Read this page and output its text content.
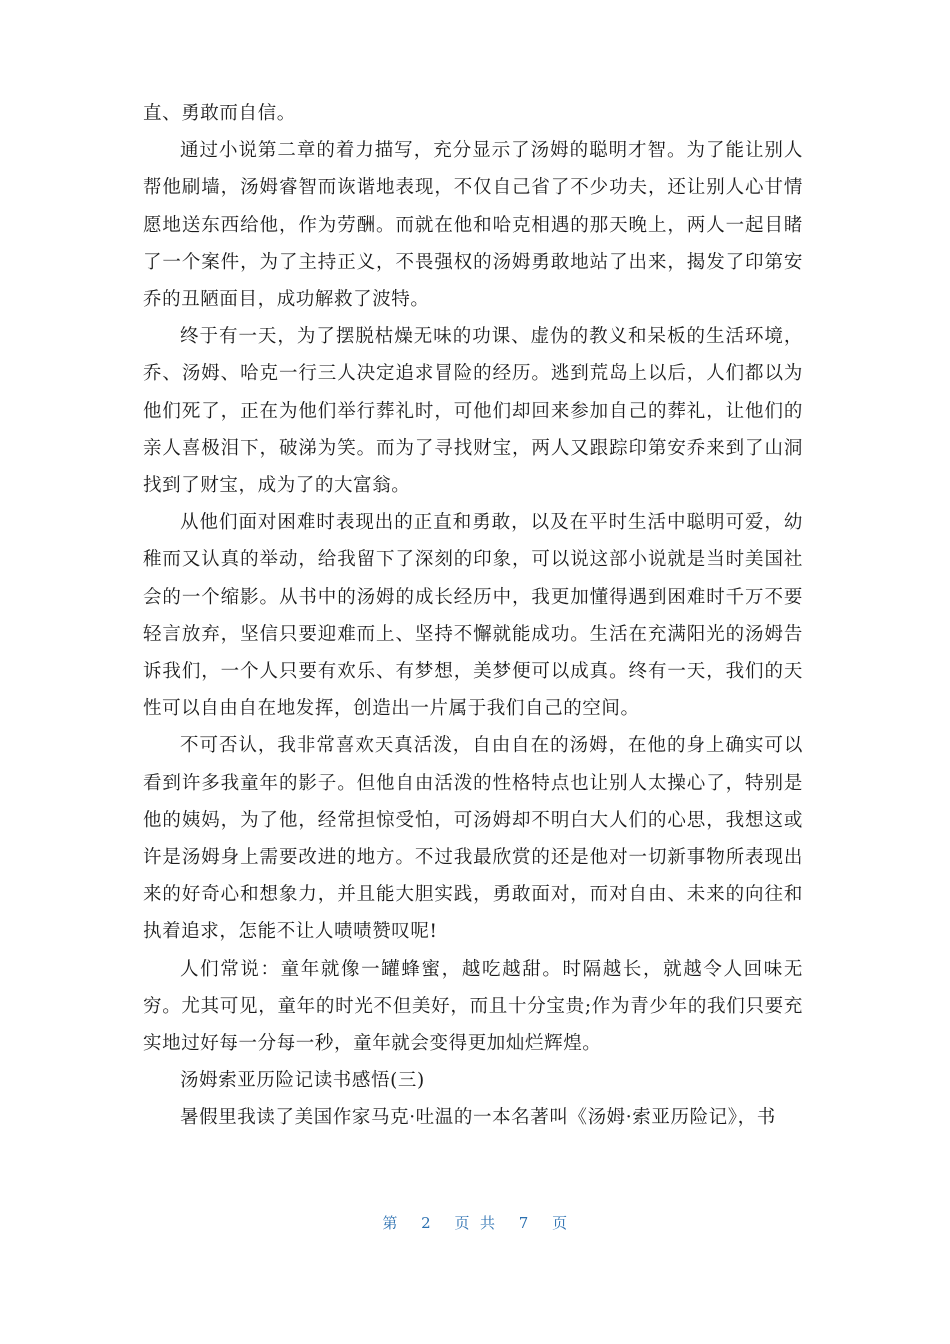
直、勇敢而自信。

通过小说第二章的着力描写，充分显示了汤姆的聪明才智。为了能让别人帮他刷墙，汤姆睿智而诙谐地表现，不仅自己省了不少功夫，还让别人心甘情愿地送东西给他，作为劳酬。而就在他和哈克相遇的那天晚上，两人一起目睹了一个案件，为了主持正义，不畏强权的汤姆勇敢地站了出来，揭发了印第安乔的丑陋面目，成功解救了波特。

终于有一天，为了摆脱枯燥无味的功课、虚伪的教义和呆板的生活环境，乔、汤姆、哈克一行三人决定追求冒险的经历。逃到荒岛上以后，人们都以为他们死了，正在为他们举行葬礼时，可他们却回来参加自己的葬礼，让他们的亲人喜极泪下，破涕为笑。而为了寻找财宝，两人又跟踪印第安乔来到了山洞找到了财宝，成为了的大富翁。

从他们面对困难时表现出的正直和勇敢，以及在平时生活中聪明可爱，幼稚而又认真的举动，给我留下了深刻的印象，可以说这部小说就是当时美国社会的一个缩影。从书中的汤姆的成长经历中，我更加懂得遇到困难时千万不要轻言放弃，坚信只要迎难而上、坚持不懈就能成功。生活在充满阳光的汤姆告诉我们，一个人只要有欢乐、有梦想，美梦便可以成真。终有一天，我们的天性可以自由自在地发挥，创造出一片属于我们自己的空间。

不可否认，我非常喜欢天真活泼，自由自在的汤姆，在他的身上确实可以看到许多我童年的影子。但他自由活泼的性格特点也让别人太操心了，特别是他的姨妈，为了他，经常担惊受怕，可汤姆却不明白大人们的心思，我想这或许是汤姆身上需要改进的地方。不过我最欣赏的还是他对一切新事物所表现出来的好奇心和想象力，并且能大胆实践，勇敢面对，而对自由、未来的向往和执着追求，怎能不让人啧啧赞叹呢!

人们常说：童年就像一罐蜂蜜，越吃越甜。时隔越长，就越令人回味无穷。尤其可见，童年的时光不但美好，而且十分宝贵;作为青少年的我们只要充实地过好每一分每一秒，童年就会变得更加灿烂辉煌。

汤姆索亚历险记读书感悟(三)

暑假里我读了美国作家马克·吐温的一本名著叫《汤姆·索亚历险记》，书

第 2 页 共 7 页
